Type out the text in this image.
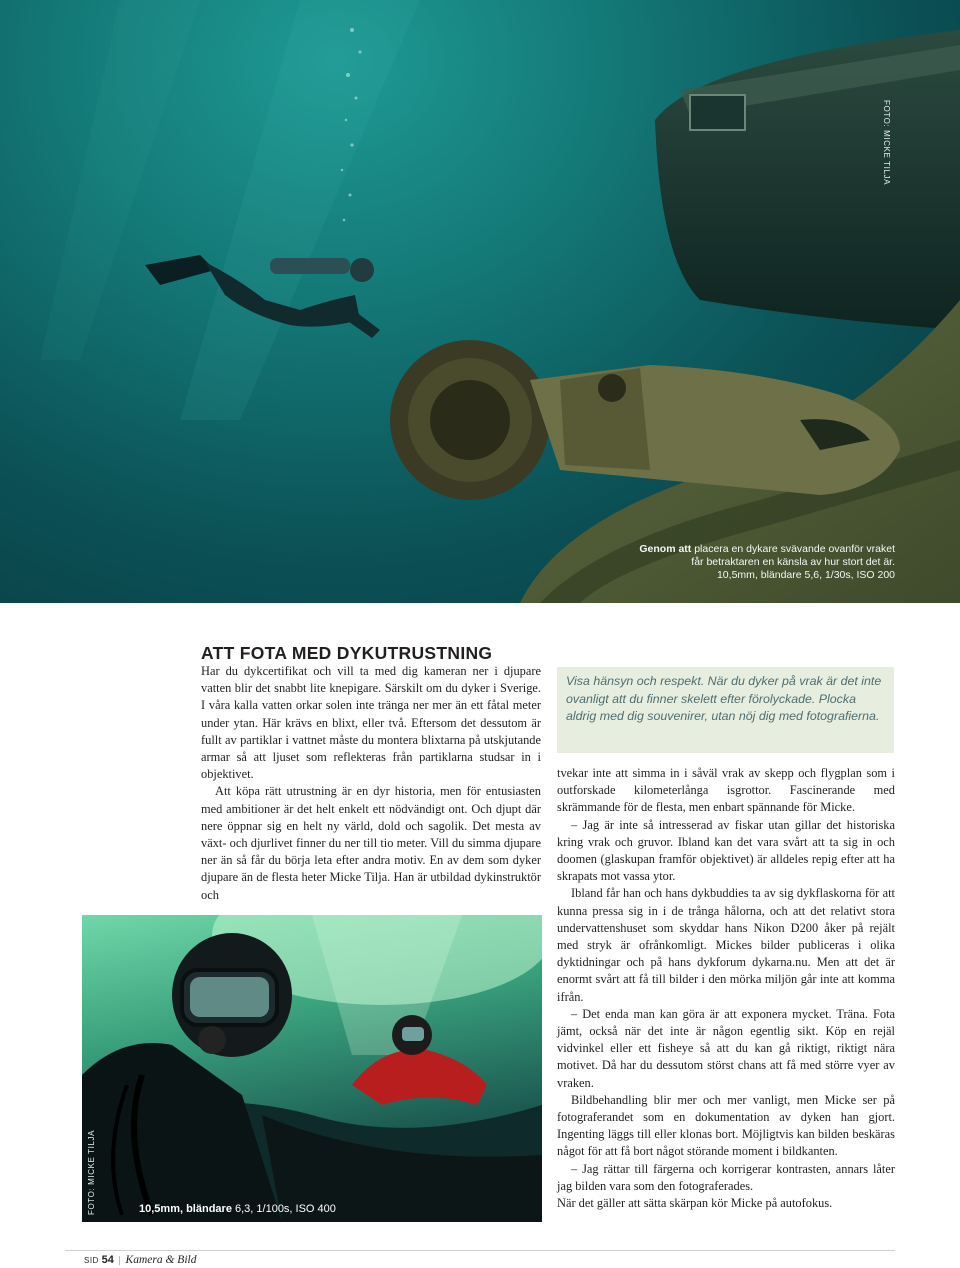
FOTO: MICKE TILJA
Genom att placera en dykare svävande ovanför vraket
får betraktaren en känsla av hur stort det är.
10,5mm, bländare 5,6, 1/30s, ISO 200
ATT FOTA MED DYKUTRUSTNING

Har du dykcertifikat och vill ta med dig kameran ner i djupare vatten blir det snabbt lite knepigare. Särskilt om du dyker i Sverige. I våra kalla vatten orkar solen inte tränga ner mer än ett fåtal meter under ytan. Här krävs en blixt, eller två. Eftersom det dessutom är fullt av partiklar i vattnet måste du montera blixtarna på utskjutande armar så att ljuset som reflekteras från partiklarna studsar in i objektivet.

Att köpa rätt utrustning är en dyr historia, men för entusiasten med ambitioner är det helt enkelt ett nödvändigt ont. Och djupt där nere öppnar sig en helt ny värld, dold och sagolik. Det mesta av växt- och djurlivet finner du ner till tio meter. Vill du simma djupare ner än så får du börja leta efter andra motiv. En av dem som dyker djupare än de flesta heter Micke Tilja. Han är utbildad dykinstruktör och

FOTO: MICKE TILJA	10,5mm, bländare 6,3, 1/100s, ISO 400
Visa hänsyn och respekt. När du dyker på vrak är det inte ovanligt att du finner skelett efter förolyckade. Plocka aldrig med dig souvenirer, utan nöj dig med fotografierna.

tvekar inte att simma in i såväl vrak av skepp och flygplan som i outforskade kilometerlånga isgrottor. Fascinerande med skrämmande för de flesta, men enbart spännande för Micke.

– Jag är inte så intresserad av fiskar utan gillar det historiska kring vrak och gruvor. Ibland kan det vara svårt att ta sig in och doomen (glaskupan framför objektivet) är alldeles repig efter att ha skrapats mot vassa ytor.

Ibland får han och hans dykbuddies ta av sig dykflaskorna för att kunna pressa sig in i de trånga hålorna, och att det relativt stora undervattenshuset som skyddar hans Nikon D200 åker på rejält med stryk är ofrånkomligt. Mickes bilder publiceras i olika dyktidningar och på hans dykforum dykarna.nu. Men att det är enormt svårt att få till bilder i den mörka miljön går inte att komma ifrån.

– Det enda man kan göra är att exponera mycket. Träna. Fota jämt, också när det inte är någon egentlig sikt. Köp en rejäl vidvinkel eller ett fisheye så att du kan gå riktigt, riktigt nära motivet. Då har du dessutom störst chans att få med större vyer av vraken.

Bildbehandling blir mer och mer vanligt, men Micke ser på fotograferandet som en dokumentation av dyken han gjort. Ingenting läggs till eller klonas bort. Möjligtvis kan bilden beskäras något för att få bort något störande moment i bildkanten.

– Jag rättar till färgerna och korrigerar kontrasten, annars låter jag bilden vara som den fotograferades.

När det gäller att sätta skärpan kör Micke på autofokus.

SID 54 | Kamera & Bild
